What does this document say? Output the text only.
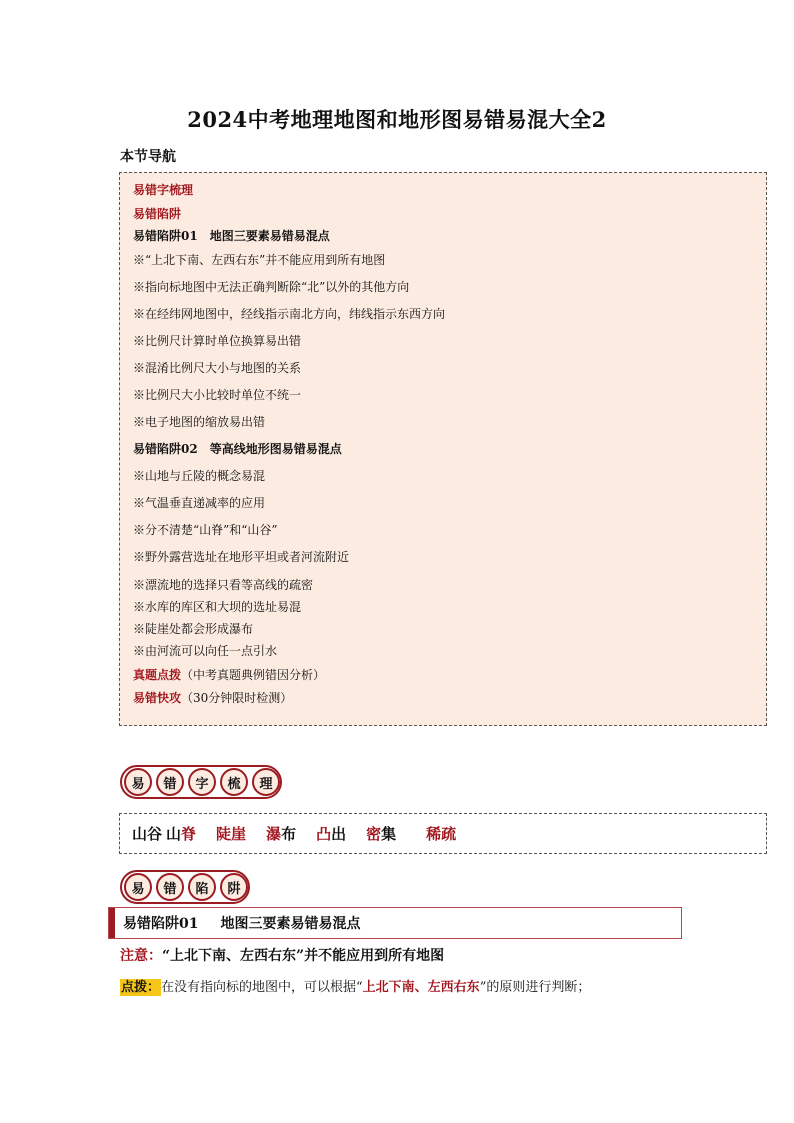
2024中考地理地图和地形图易错易混大全2
本节导航
易错字梳理
易错陷阱
易错陷阱01　地图三要素易错易混点
※“上北下南、左西右东”并不能应用到所有地图
※指向标地图中无法正确判断除“北”以外的其他方向
※在经纬网地图中，经线指示南北方向，纬线指示东西方向
※比例尺计算时单位换算易出错
※混淆比例尺大小与地图的关系
※比例尺大小比较时单位不统一
※电子地图的缩放易出错
易错陷阱02　等高线地形图易错易混点
※山地与丘陵的概念易混
※气温垂直递减率的应用
※分不清楚“山脊”和“山谷”
※野外露营选址在地形平坦或者河流附近
※漂流地的选择只看等高线的疏密
※水库的库区和大坝的选址易混
※陡崖处都会形成瀑布
※由河流可以向任一点引水
真题点拨（中考真题典例错因分析）
易错快攻（30分钟限时检测）
易	错	字	梳	理
山谷 山 脊 陡崖 瀑 布 凸 出 密 集 稀疏
易	错	陷	阱
易错陷阱01 地图三要素易错易混点
注意：“上北下南、左西右东”并不能应用到所有地图
点拨：在没有指向标的地图中，可以根据“上北下南、左西右东”的原则进行判断；
